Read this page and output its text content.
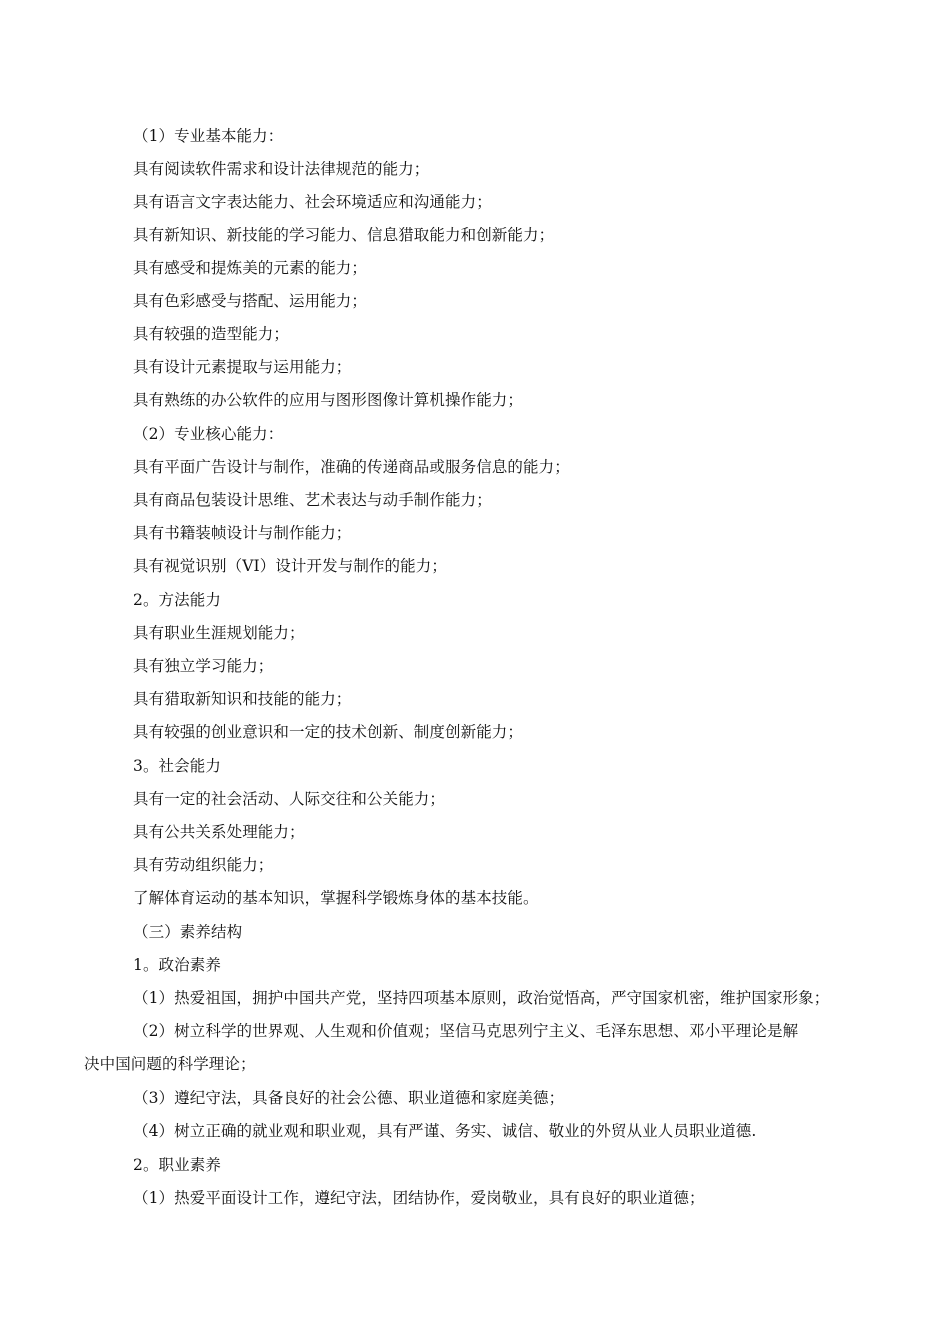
（1）专业基本能力：
具有阅读软件需求和设计法律规范的能力；
具有语言文字表达能力、社会环境适应和沟通能力；
具有新知识、新技能的学习能力、信息猎取能力和创新能力；
具有感受和提炼美的元素的能力；
具有色彩感受与搭配、运用能力；
具有较强的造型能力；
具有设计元素提取与运用能力；
具有熟练的办公软件的应用与图形图像计算机操作能力；
（2）专业核心能力：
具有平面广告设计与制作，准确的传递商品或服务信息的能力；
具有商品包装设计思维、艺术表达与动手制作能力；
具有书籍装帧设计与制作能力；
具有视觉识别（VI）设计开发与制作的能力；
2。方法能力
具有职业生涯规划能力；
具有独立学习能力；
具有猎取新知识和技能的能力；
具有较强的创业意识和一定的技术创新、制度创新能力；
3。社会能力
具有一定的社会活动、人际交往和公关能力；
具有公共关系处理能力；
具有劳动组织能力；
了解体育运动的基本知识，掌握科学锻炼身体的基本技能。
（三）素养结构
1。政治素养
（1）热爱祖国，拥护中国共产党，坚持四项基本原则，政治觉悟高，严守国家机密，维护国家形象；
（2）树立科学的世界观、人生观和价值观；坚信马克思列宁主义、毛泽东思想、邓小平理论是解
决中国问题的科学理论；
（3）遵纪守法，具备良好的社会公德、职业道德和家庭美德；
（4）树立正确的就业观和职业观，具有严谨、务实、诚信、敬业的外贸从业人员职业道德.
2。职业素养
（1）热爱平面设计工作，遵纪守法，团结协作，爱岗敬业，具有良好的职业道德；
